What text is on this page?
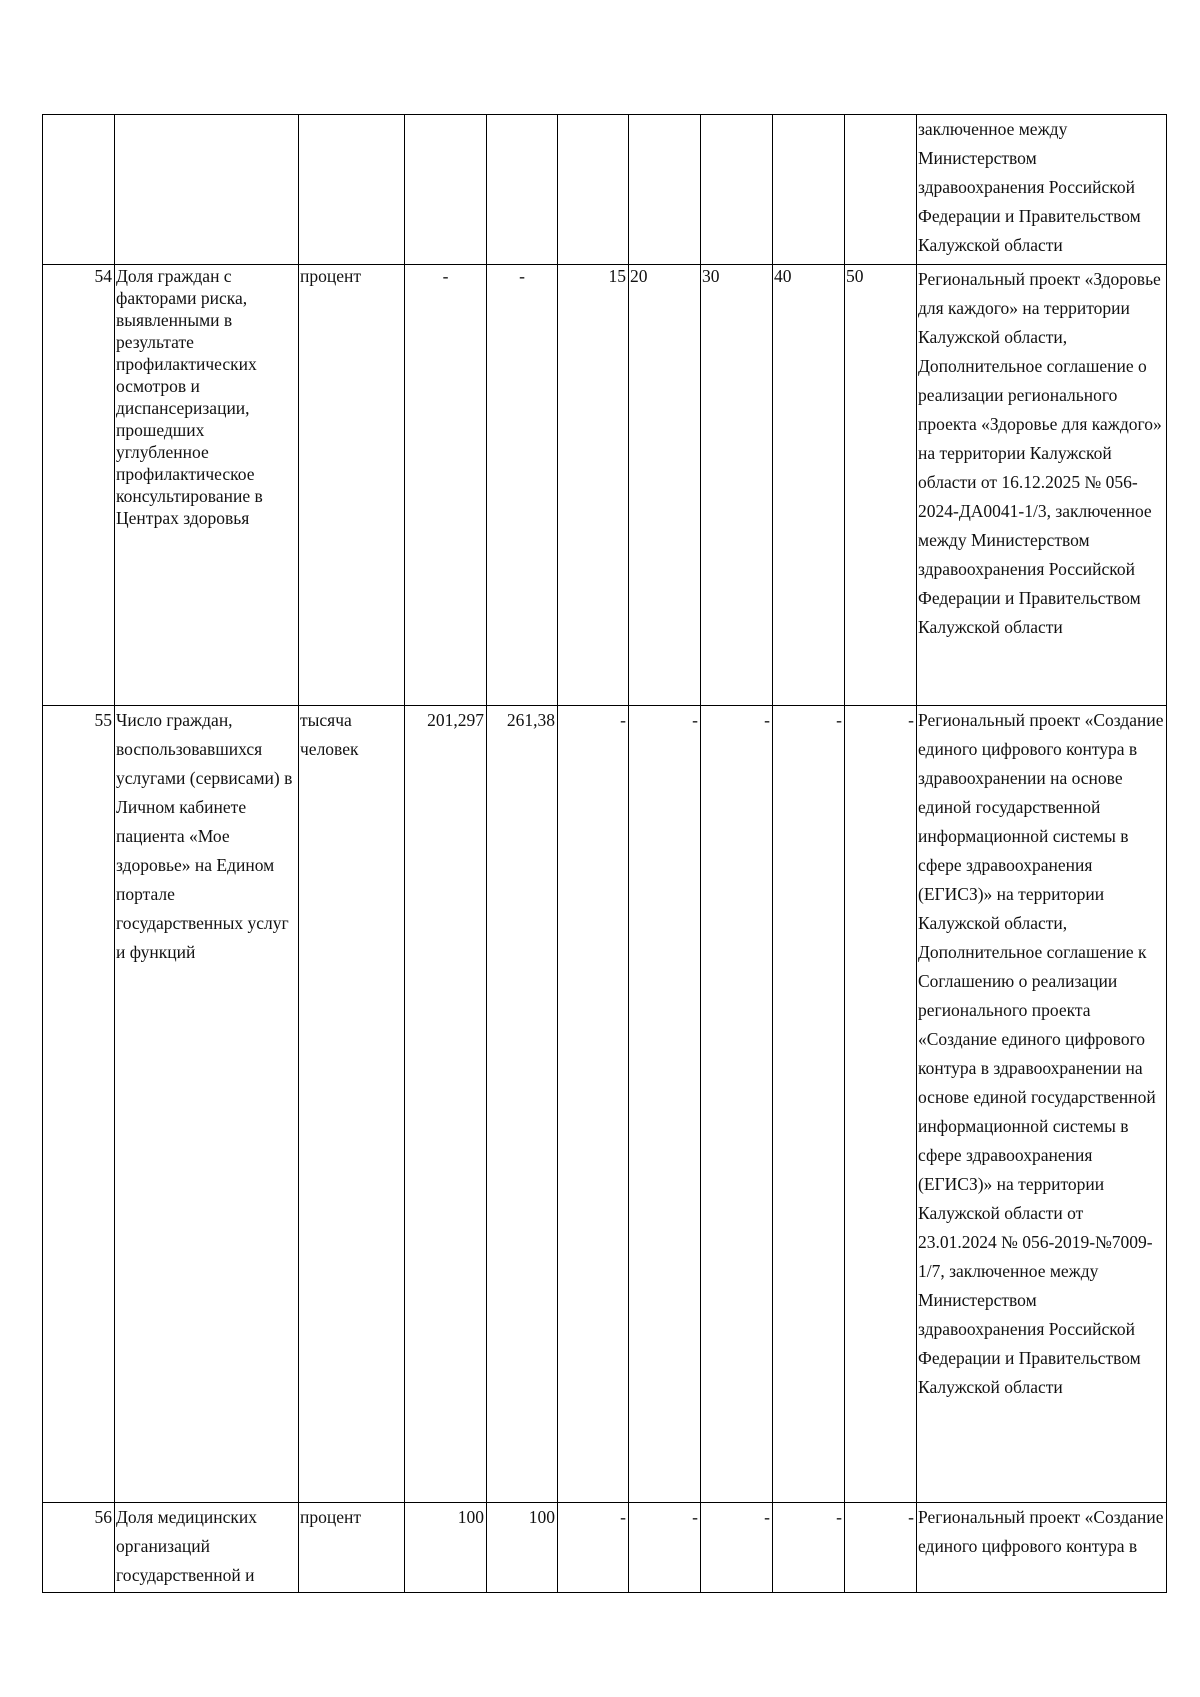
										заключенное между Министерством здравоохранения Российской Федерации и Правительством Калужской области
54	Доля граждан с факторами риска, выявленными в результате профилактических осмотров и диспансеризации, прошедших углубленное профилактическое консультирование в Центрах здоровья	процент	-	-	15	20	30	40	50	Региональный проект «Здоровье для каждого» на территории Калужской области, Дополнительное соглашение о реализации регионального проекта «Здоровье для каждого» на территории Калужской области от 16.12.2025 № 056-2024-ДА0041-1/3, заключенное между Министерством здравоохранения Российской Федерации и Правительством Калужской области
55	Число граждан, воспользовавшихся услугами (сервисами) в Личном кабинете пациента «Мое здоровье» на Едином портале государственных услуг и функций	тысяча человек	201,297	261,38	-	-	-	-	-	Региональный проект «Создание единого цифрового контура в здравоохранении на основе единой государственной информационной системы в сфере здравоохранения (ЕГИСЗ)» на территории Калужской области, Дополнительное соглашение к Соглашению о реализации регионального проекта «Создание единого цифрового контура в здравоохранении на основе единой государственной информационной системы в сфере здравоохранения (ЕГИСЗ)» на территории Калужской области от 23.01.2024 № 056-2019-№7009-1/7, заключенное между Министерством здравоохранения Российской Федерации и Правительством Калужской области
56	Доля медицинских организаций государственной и	процент	100	100	-	-	-	-	-	Региональный проект «Создание единого цифрового контура в
